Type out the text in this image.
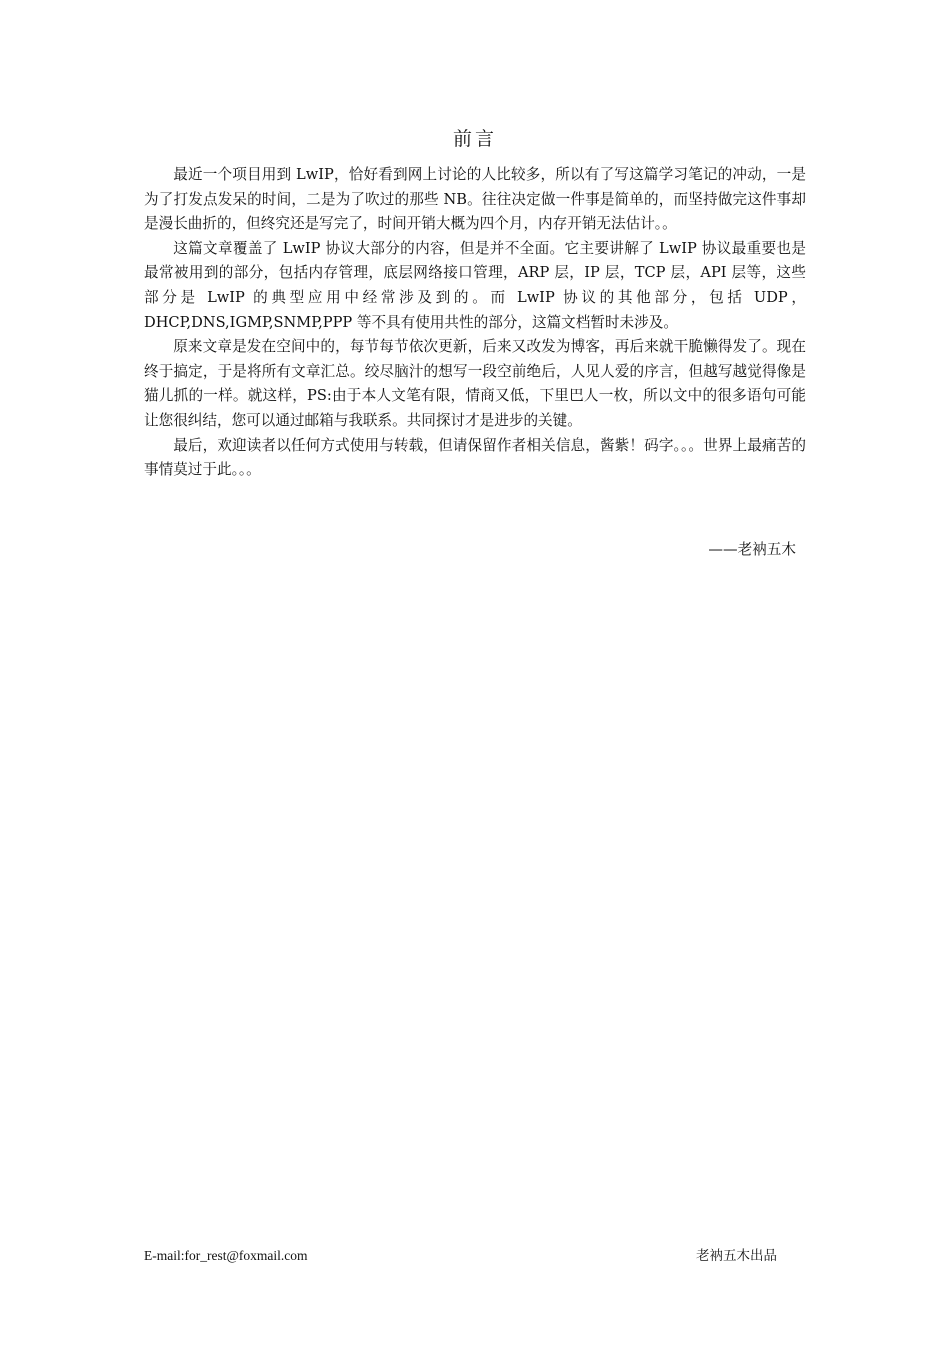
前言

最近一个项目用到 LwIP，恰好看到网上讨论的人比较多，所以有了写这篇学习笔记的冲动，一是为了打发点发呆的时间，二是为了吹过的那些 NB。往往决定做一件事是简单的，而坚持做完这件事却是漫长曲折的，但终究还是写完了，时间开销大概为四个月，内存开销无法估计。。

这篇文章覆盖了 LwIP 协议大部分的内容，但是并不全面。它主要讲解了 LwIP 协议最重要也是最常被用到的部分，包括内存管理，底层网络接口管理，ARP 层，IP 层，TCP 层，API 层等，这些部分是 LwIP 的典型应用中经常涉及到的。而 LwIP 协议的其他部分，包括 UDP，DHCP,DNS,IGMP,SNMP,PPP 等不具有使用共性的部分，这篇文档暂时未涉及。

原来文章是发在空间中的，每节每节依次更新，后来又改发为博客，再后来就干脆懒得发了。现在终于搞定，于是将所有文章汇总。绞尽脑汁的想写一段空前绝后，人见人爱的序言，但越写越觉得像是猫儿抓的一样。就这样，PS:由于本人文笔有限，情商又低，下里巴人一枚，所以文中的很多语句可能让您很纠结，您可以通过邮箱与我联系。共同探讨才是进步的关键。

最后，欢迎读者以任何方式使用与转载，但请保留作者相关信息，酱紫！码字。。。世界上最痛苦的事情莫过于此。。。

——老衲五木
E-mail:for_rest@foxmail.com	老衲五木出品
